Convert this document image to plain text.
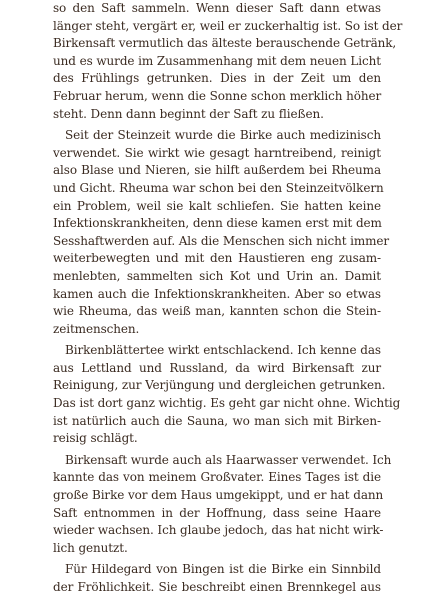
so den Saft sammeln. Wenn dieser Saft dann etwas
länger steht, vergärt er, weil er zuckerhaltig ist. So ist der
Birkensaft vermutlich das älteste berauschende Getränk,
und es wurde im Zusammenhang mit dem neuen Licht
des Frühlings getrunken. Dies in der Zeit um den
Februar herum, wenn die Sonne schon merklich höher
steht. Denn dann beginnt der Saft zu fließen.
Seit der Steinzeit wurde die Birke auch medizinisch
verwendet. Sie wirkt wie gesagt harntreibend, reinigt
also Blase und Nieren, sie hilft außerdem bei Rheuma
und Gicht. Rheuma war schon bei den Steinzeitvölkern
ein Problem, weil sie kalt schliefen. Sie hatten keine
Infektionskrankheiten, denn diese kamen erst mit dem
Sesshaftwerden auf. Als die Menschen sich nicht immer
weiterbewegten und mit den Haustieren eng zusam-
menlebten, sammelten sich Kot und Urin an. Damit
kamen auch die Infektionskrankheiten. Aber so etwas
wie Rheuma, das weiß man, kannten schon die Stein-
zeitmenschen.
Birkenblättertee wirkt entschlackend. Ich kenne das
aus Lettland und Russland, da wird Birkensaft zur
Reinigung, zur Verjüngung und dergleichen getrunken.
Das ist dort ganz wichtig. Es geht gar nicht ohne. Wichtig
ist natürlich auch die Sauna, wo man sich mit Birken-
reisig schlägt.
Birkensaft wurde auch als Haarwasser verwendet. Ich
kannte das von meinem Großvater. Eines Tages ist die
große Birke vor dem Haus umgekippt, und er hat dann
Saft entnommen in der Hoffnung, dass seine Haare
wieder wachsen. Ich glaube jedoch, das hat nicht wirk-
lich genutzt.
Für Hildegard von Bingen ist die Birke ein Sinnbild
der Fröhlichkeit. Sie beschreibt einen Brennkegel aus
